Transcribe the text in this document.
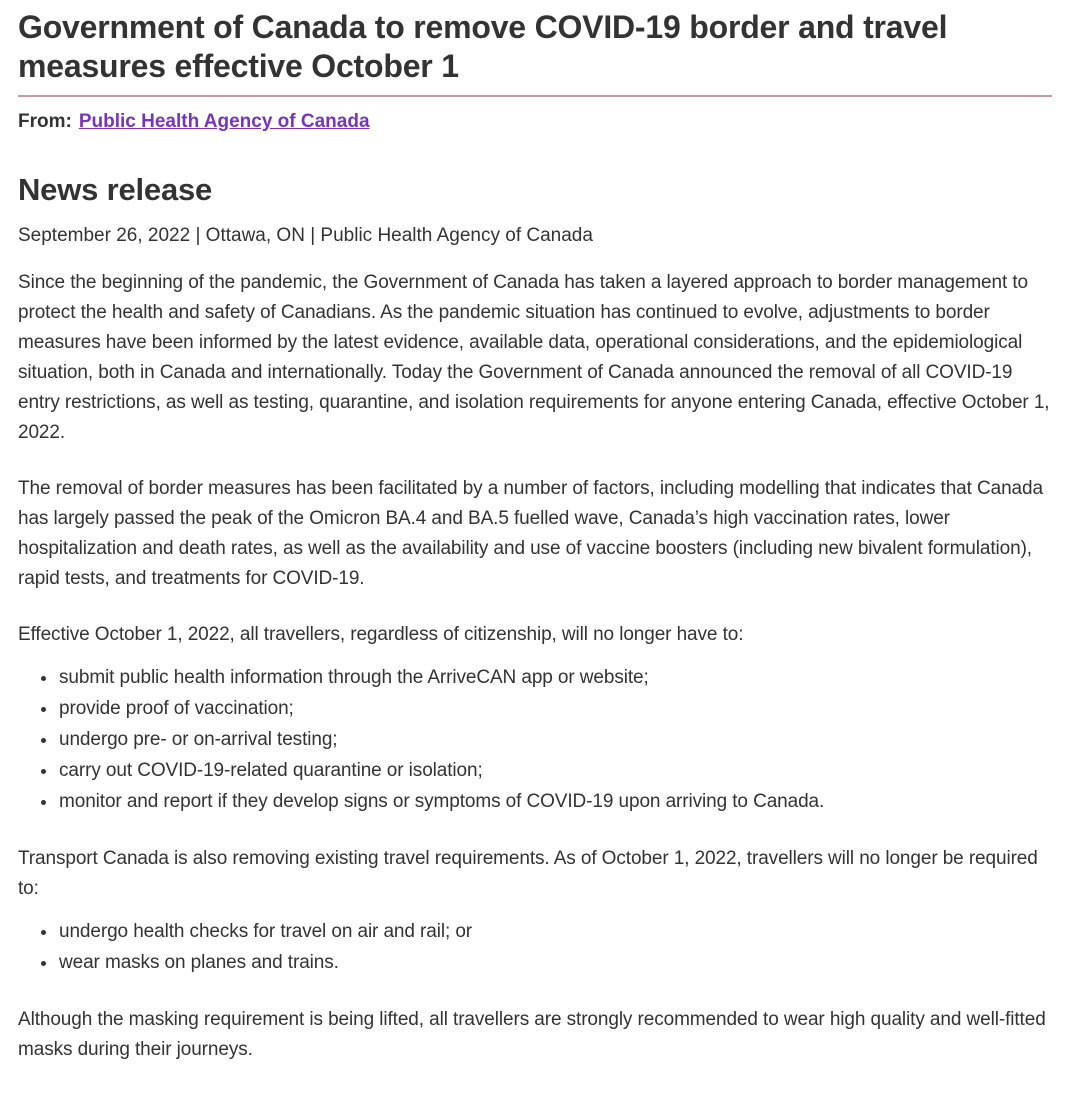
Government of Canada to remove COVID-19 border and travel measures effective October 1

From: Public Health Agency of Canada

News release

September 26, 2022 | Ottawa, ON | Public Health Agency of Canada

Since the beginning of the pandemic, the Government of Canada has taken a layered approach to border management to protect the health and safety of Canadians. As the pandemic situation has continued to evolve, adjustments to border measures have been informed by the latest evidence, available data, operational considerations, and the epidemiological situation, both in Canada and internationally. Today the Government of Canada announced the removal of all COVID-19 entry restrictions, as well as testing, quarantine, and isolation requirements for anyone entering Canada, effective October 1, 2022.

The removal of border measures has been facilitated by a number of factors, including modelling that indicates that Canada has largely passed the peak of the Omicron BA.4 and BA.5 fuelled wave, Canada’s high vaccination rates, lower hospitalization and death rates, as well as the availability and use of vaccine boosters (including new bivalent formulation), rapid tests, and treatments for COVID-19.

Effective October 1, 2022, all travellers, regardless of citizenship, will no longer have to:

• submit public health information through the ArriveCAN app or website;
• provide proof of vaccination;
• undergo pre- or on-arrival testing;
• carry out COVID-19-related quarantine or isolation;
• monitor and report if they develop signs or symptoms of COVID-19 upon arriving to Canada.

Transport Canada is also removing existing travel requirements. As of October 1, 2022, travellers will no longer be required to:

• undergo health checks for travel on air and rail; or
• wear masks on planes and trains.

Although the masking requirement is being lifted, all travellers are strongly recommended to wear high quality and well-fitted masks during their journeys.
